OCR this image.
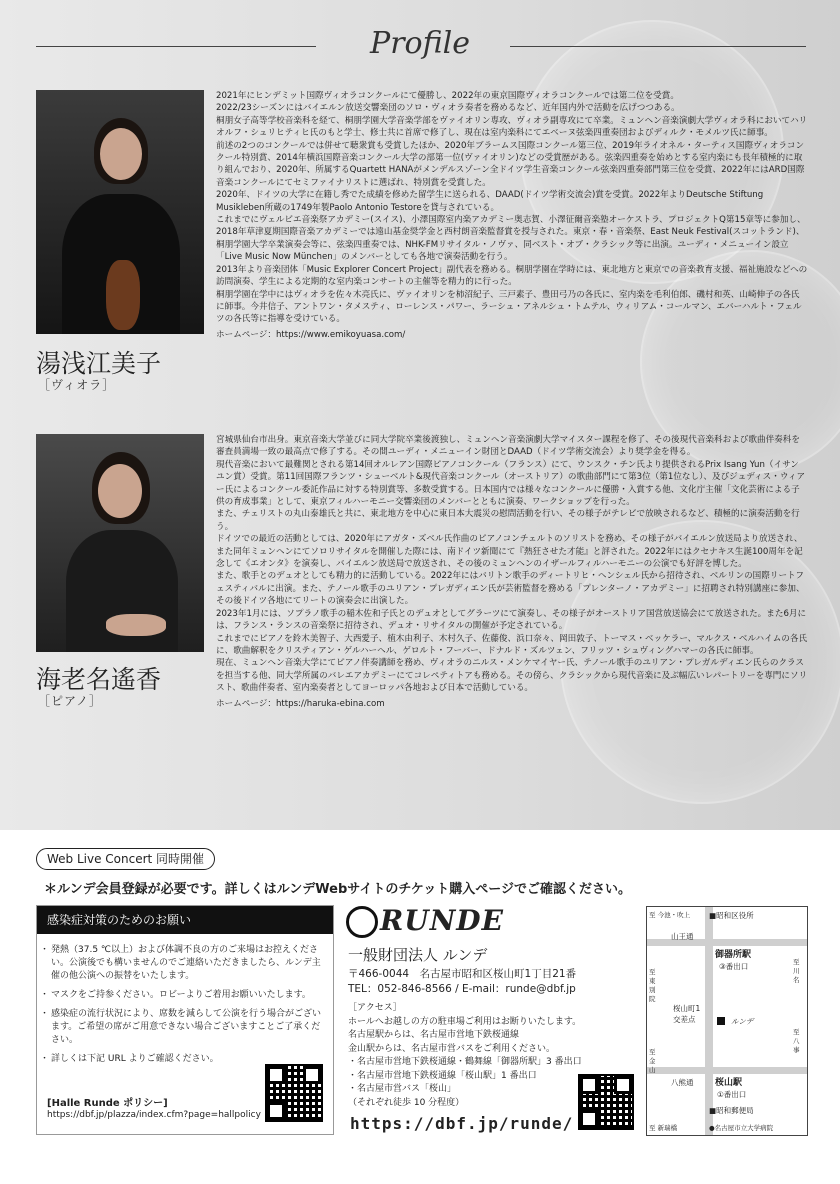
Profile
湯浅江美子
［ヴィオラ］

2021年にヒンデミット国際ヴィオラコンクールにて優勝し、2022年の東京国際ヴィオラコンクールでは第二位を受賞。

2022/23シーズンにはバイエルン放送交響楽団のソロ・ヴィオラ奏者を務めるなど、近年国内外で活動を広げつつある。

桐朋女子高等学校音楽科を経て、桐朋学園大学音楽学部をヴァイオリン専攻、ヴィオラ副専攻にて卒業。ミュンヘン音楽演劇大学ヴィオラ科においてハリオルフ・シュリヒティヒ氏のもと学士、修士共に首席で修了し、現在は室内楽科にてエベーヌ弦楽四重奏団およびディルク・モメルツ氏に師事。

前述の2つのコンクールでは併せて聴衆賞も受賞したほか、2020年ブラームス国際コンクール第三位、2019年ライオネル・ターティス国際ヴィオラコンクール特別賞、2014年横浜国際音楽コンクール大学の部第一位(ヴァイオリン)などの受賞歴がある。弦楽四重奏を始めとする室内楽にも長年積極的に取り組んでおり、2020年、所属するQuartett HANAがメンデルスゾーン全ドイツ学生音楽コンクール弦楽四重奏部門第三位を受賞、2022年にはARD国際音楽コンクールにてセミファイナリストに選ばれ、特別賞を受賞した。

2020年、ドイツの大学に在籍し秀でた成績を修めた留学生に送られる、DAAD(ドイツ学術交流会)賞を受賞。2022年よりDeutsche Stiftung Musikleben所蔵の1749年製Paolo Antonio Testoreを貸与されている。

これまでにヴェルビエ音楽祭アカデミー(スイス)、小澤国際室内楽アカデミー奥志賀、小澤征爾音楽塾オーケストラ、プロジェクトQ第15章等に参加し、2018年草津夏期国際音楽アカデミーでは遠山基金奨学金と西村朗音楽監督賞を授与された。東京・春・音楽祭、East Neuk Festival(スコットランド)、桐朋学園大学卒業演奏会等に、弦楽四重奏では、NHK-FMリサイタル・ノヴァ、同ベスト・オブ・クラシック等に出演。ユーディ・メニューイン設立「Live Music Now München」のメンバーとしても各地で演奏活動を行う。

2013年より音楽団体「Music Explorer Concert Project」副代表を務める。桐朋学園在学時には、東北地方と東京での音楽教育支援、福祉施設などへの訪問演奏、学生による定期的な室内楽コンサートの主催等を精力的に行った。

桐朋学園在学中にはヴィオラを佐々木亮氏に、ヴァイオリンを柿沼紀子、三戸素子、豊田弓乃の各氏に、室内楽を毛利伯郎、磯村和英、山崎伸子の各氏に師事。今井信子、アントワン・タメスティ、ローレンス・パワー、ラーシュ・アネルシュ・トムテル、ウィリアム・コールマン、エバーハルト・フェルツの各氏等に指導を受けている。

ホームページ：https://www.emikoyuasa.com/

海老名遙香
［ピアノ］

宮城県仙台市出身。東京音楽大学並びに同大学院卒業後渡独し、ミュンヘン音楽演劇大学マイスター課程を修了、その後現代音楽科および歌曲伴奏科を審査員満場一致の最高点で修了する。その間ユーディ・メニューイン財団とDAAD（ドイツ学術交流会）より奨学金を得る。

現代音楽において最難関とされる第14回オルレアン国際ピアノコンクール（フランス）にて、ウンスク・チン氏より提供されるPrix Isang Yun（イサン ユン賞）受賞。第11回国際フランツ・シューベルト&現代音楽コンクール（オーストリア）の歌曲部門にて第3位（第1位なし）、及びジュディス・ウィアー氏によるコンクール委託作品に対する特別賞等、多数受賞する。日本国内では様々なコンクールに優勝・入賞する他、文化庁主催「文化芸術による子供の育成事業」として、東京フィルハーモニー交響楽団のメンバーとともに演奏、ワークショップを行った。

また、チェリストの丸山泰雄氏と共に、東北地方を中心に東日本大震災の慰問活動を行い、その様子がテレビで放映されるなど、積極的に演奏活動を行う。

ドイツでの最近の活動としては、2020年にアガタ・ズベル氏作曲のピアノコンチェルトのソリストを務め、その様子がバイエルン放送局より放送され、また同年ミュンヘンにてソロリサイタルを開催した際には、南ドイツ新聞にて『熱狂させた才能』と評された。2022年にはクセナキス生誕100周年を記念して《エオンタ》を演奏し、バイエルン放送局で放送され、その後のミュンヘンのイザールフィルハーモニーの公演でも好評を博した。

また、歌手とのデュオとしても精力的に活動している。2022年にはバリトン歌手のディートリヒ・ヘンシェル氏から招待され、ベルリンの国際リートフェスティバルに出演。また、テノール歌手のユリアン・プレガディエン氏が芸術監督を務める「プレンターノ・アカデミー」に招聘され特別講座に参加、その後ドイツ各地にてリートの演奏会に出演した。

2023年1月には、ソプラノ歌手の稲木佐和子氏とのデュオとしてグラーツにて演奏し、その様子がオーストリア国営放送協会にて放送された。また6月には、フランス・ランスの音楽祭に招待され、デュオ・リサイタルの開催が予定されている。

これまでにピアノを鈴木美智子、大西愛子、植木由利子、木村久子、佐藤俊、浜口奈々、岡田敦子、トーマス・ベッケラー、マルクス・ベルハイムの各氏に、歌曲解釈をクリスティアン・ゲルハーヘル、ゲロルト・フーバー、ドナルド・ズルツェン、フリッツ・シュヴィングハマーの各氏に師事。

現在、ミュンヘン音楽大学にてピアノ伴奏講師を務め、ヴィオラのニルス・メンケマイヤー氏、テノール歌手のユリアン・プレガルディエン氏らのクラスを担当する他、同大学所属のバレエアカデミーにてコレペティトアも務める。その傍ら、クラシックから現代音楽に及ぶ幅広いレパートリーを専門にソリスト、歌曲伴奏者、室内楽奏者としてヨーロッパ各地および日本で活動している。

ホームページ：https://haruka-ebina.com

Web Live Concert 同時開催
＊ルンデ会員登録が必要です。詳しくはルンデWebサイトのチケット購入ページでご確認ください。
感染症対策のためのお願い
・ 発熱（37.5 ℃以上）および体調不良の方のご来場はお控えください。公演後でも構いませんのでご連絡いただきましたら、ルンデ主催の他公演への振替をいたします。
・ マスクをご持参ください。ロビーよりご着用お願いいたします。
・ 感染症の流行状況により、席数を減らして公演を行う場合がございます。ご希望の席がご用意できない場合ございますことご了承ください。
・ 詳しくは下記 URL よりご確認ください。
[Halle Runde ポリシー]
https://dbf.jp/plazza/index.cfm?page=hallpolicy
RUNDE
一般財団法人 ルンデ
〒466-0044　名古屋市昭和区桜山町1丁目21番
TEL：052-846-8566 / E-mail：runde@dbf.jp
［アクセス］
ホールへお越しの方の駐車場ご利用はお断りいたします。
名古屋駅からは、名古屋市営地下鉄桜通線
金山駅からは、名古屋市営バスをご利用ください。
・名古屋市営地下鉄桜通線・鶴舞線「御器所駅」3 番出口
・名古屋市営地下鉄桜通線「桜山駅」1 番出口
・名古屋市営バス「桜山」
（それぞれ徒歩 10 分程度）
https://dbf.jp/runde/
■昭和区役所
至 今池・吹上
山王通
御器所駅
③番出口
至 東別院
至 川名
桜山町1 交差点	ルンデ
桜山駅
①番出口
至 金山
至 八事
八熊通
■昭和郵便局
至 新瑞橋	●名古屋市立大学病院
